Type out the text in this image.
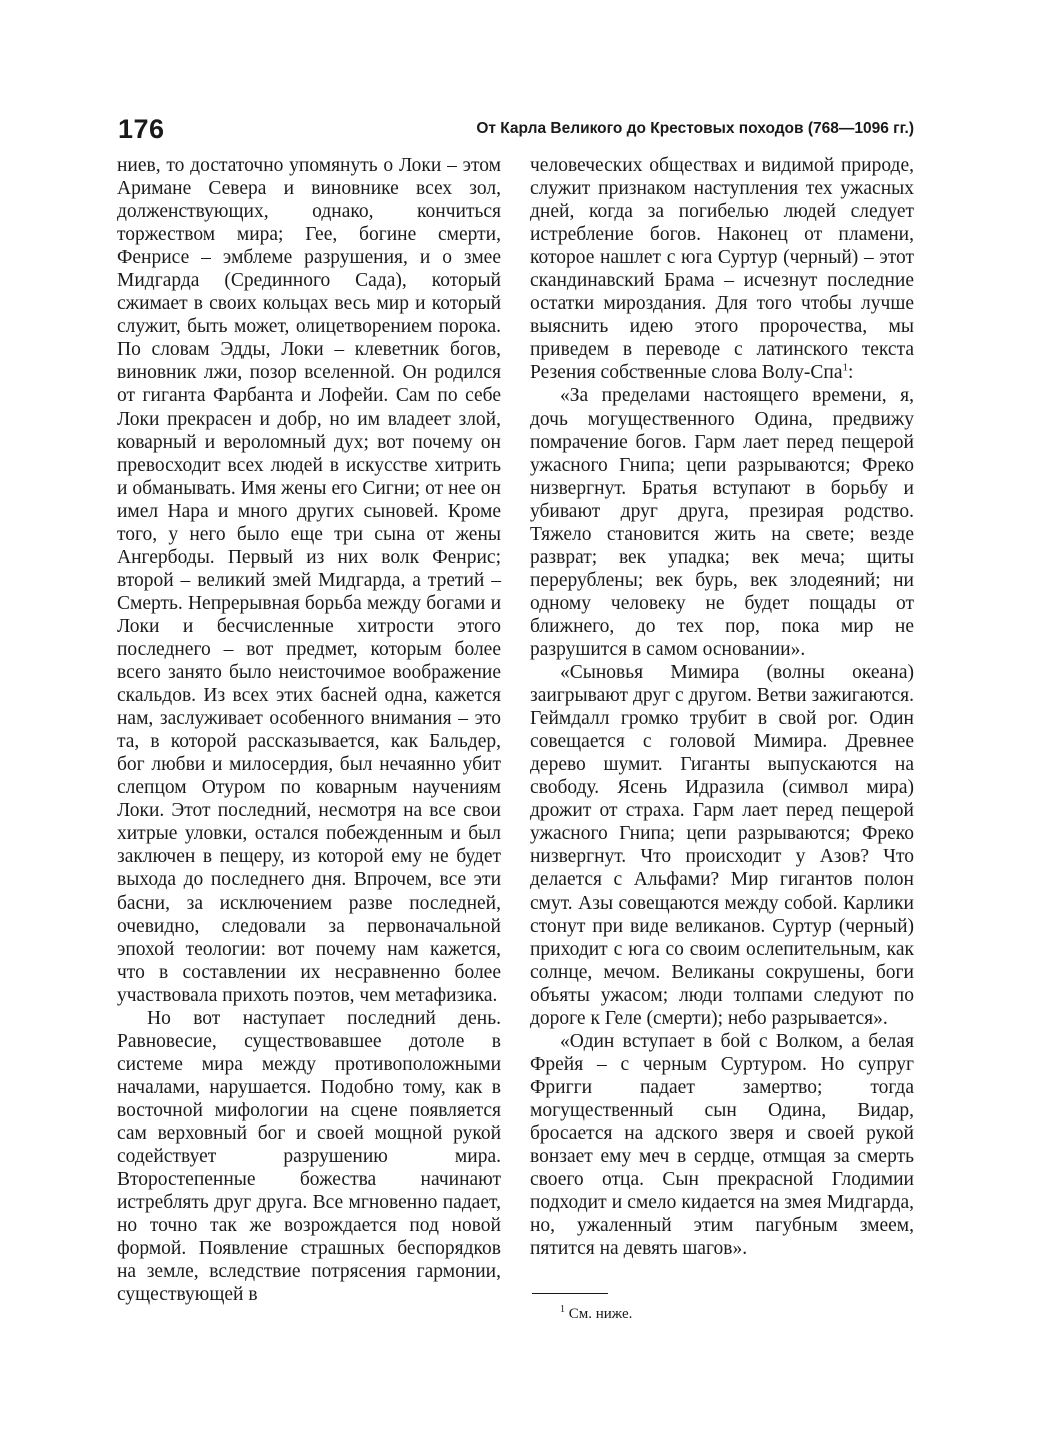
176	От Карла Великого до Крестовых походов (768—1096 гг.)

ниев, то достаточно упомянуть о Локи – этом Аримане Севера и виновнике всех зол, долженствующих, однако, кончиться торжеством мира; Гее, богине смерти, Фенрисе – эмблеме разрушения, и о змее Мидгарда (Срединного Сада), который сжимает в своих кольцах весь мир и который служит, быть может, олицетворением порока. По словам Эдды, Локи – клеветник богов, виновник лжи, позор вселенной. Он родился от гиганта Фарбанта и Лофейи. Сам по себе Локи прекрасен и добр, но им владеет злой, коварный и вероломный дух; вот почему он превосходит всех людей в искусстве хитрить и обманывать. Имя жены его Сигни; от нее он имел Нара и много других сыновей. Кроме того, у него было еще три сына от жены Ангербоды. Первый из них волк Фенрис; второй – великий змей Мидгарда, а третий – Смерть. Непрерывная борьба между богами и Локи и бесчисленные хитрости этого последнего – вот предмет, которым более всего занято было неисточимое воображение скальдов. Из всех этих басней одна, кажется нам, заслуживает особенного внимания – это та, в которой рассказывается, как Бальдер, бог любви и милосердия, был нечаянно убит слепцом Отуром по коварным научениям Локи. Этот последний, несмотря на все свои хитрые уловки, остался побежденным и был заключен в пещеру, из которой ему не будет выхода до последнего дня. Впрочем, все эти басни, за исключением разве последней, очевидно, следовали за первоначальной эпохой теологии: вот почему нам кажется, что в составлении их несравненно более участвовала прихоть поэтов, чем метафизика.

Но вот наступает последний день. Равновесие, существовавшее дотоле в системе мира между противоположными началами, нарушается. Подобно тому, как в восточной мифологии на сцене появляется сам верховный бог и своей мощной рукой содействует разрушению мира. Второстепенные божества начинают истреблять друг друга. Все мгновенно падает, но точно так же возрождается под новой формой. Появление страшных беспорядков на земле, вследствие потрясения гармонии, существующей в

человеческих обществах и видимой природе, служит признаком наступления тех ужасных дней, когда за погибелью людей следует истребление богов. Наконец от пламени, которое нашлет с юга Суртур (черный) – этот скандинавский Брама – исчезнут последние остатки мироздания. Для того чтобы лучше выяснить идею этого пророчества, мы приведем в переводе с латинского текста Резения собственные слова Волу-Спа$^1$:

«За пределами настоящего времени, я, дочь могущественного Одина, предвижу помрачение богов. Гарм лает перед пещерой ужасного Гнипа; цепи разрываются; Фреко низвергнут. Братья вступают в борьбу и убивают друг друга, презирая родство. Тяжело становится жить на свете; везде разврат; век упадка; век меча; щиты перерублены; век бурь, век злодеяний; ни одному человеку не будет пощады от ближнего, до тех пор, пока мир не разрушится в самом основании».

«Сыновья Мимира (волны океана) заигрывают друг с другом. Ветви зажигаются. Геймдалл громко трубит в свой рог. Один совещается с головой Мимира. Древнее дерево шумит. Гиганты выпускаются на свободу. Ясень Идразила (символ мира) дрожит от страха. Гарм лает перед пещерой ужасного Гнипа; цепи разрываются; Фреко низвергнут. Что происходит у Азов? Что делается с Альфами? Мир гигантов полон смут. Азы совещаются между собой. Карлики стонут при виде великанов. Суртур (черный) приходит с юга со своим ослепительным, как солнце, мечом. Великаны сокрушены, боги объяты ужасом; люди толпами следуют по дороге к Геле (смерти); небо разрывается».

«Один вступает в бой с Волком, а белая Фрейя – с черным Суртуром. Но супруг Фригги падает замертво; тогда могущественный сын Одина, Видар, бросается на адского зверя и своей рукой вонзает ему меч в сердце, отмщая за смерть своего отца. Сын прекрасной Глодимии подходит и смело кидается на змея Мидгарда, но, ужаленный этим пагубным змеем, пятится на девять шагов».

$^1$ См. ниже.
